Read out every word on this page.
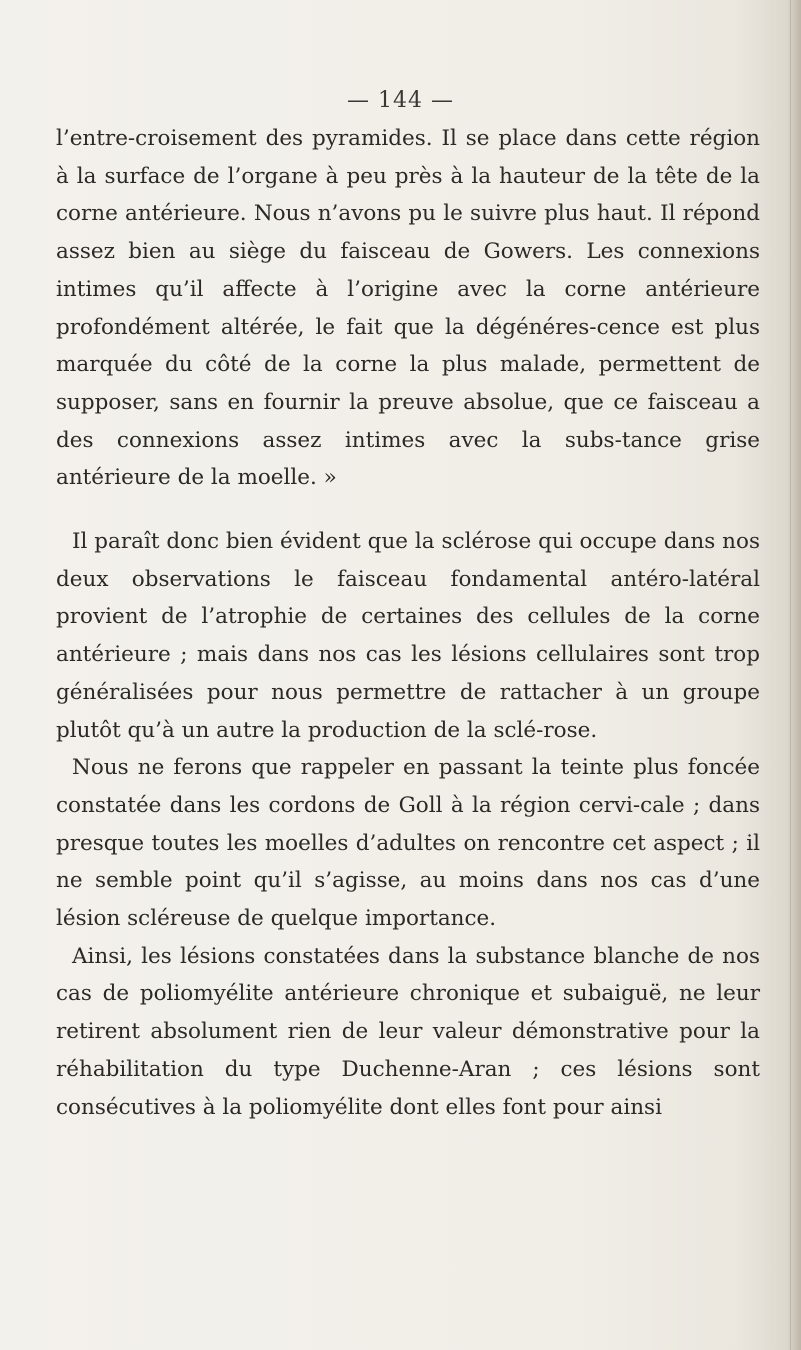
— 144 —

l’entre-croisement des pyramides. Il se place dans cette région à la surface de l’organe à peu près à la hauteur de la tête de la corne antérieure. Nous n’avons pu le suivre plus haut. Il répond assez bien au siège du faisceau de Gowers. Les connexions intimes qu’il affecte à l’origine avec la corne antérieure profondément altérée, le fait que la dégénéres-cence est plus marquée du côté de la corne la plus malade, permettent de supposer, sans en fournir la preuve absolue, que ce faisceau a des connexions assez intimes avec la subs-tance grise antérieure de la moelle. »

Il paraît donc bien évident que la sclérose qui occupe dans nos deux observations le faisceau fondamental antéro-latéral provient de l’atrophie de certaines des cellules de la corne antérieure ; mais dans nos cas les lésions cellulaires sont trop généralisées pour nous permettre de rattacher à un groupe plutôt qu’à un autre la production de la sclé-rose.

Nous ne ferons que rappeler en passant la teinte plus foncée constatée dans les cordons de Goll à la région cervi-cale ; dans presque toutes les moelles d’adultes on rencontre cet aspect ; il ne semble point qu’il s’agisse, au moins dans nos cas d’une lésion scléreuse de quelque importance.

Ainsi, les lésions constatées dans la substance blanche de nos cas de poliomyélite antérieure chronique et subaiguë, ne leur retirent absolument rien de leur valeur démonstrative pour la réhabilitation du type Duchenne-Aran ; ces lésions sont consécutives à la poliomyélite dont elles font pour ainsi
